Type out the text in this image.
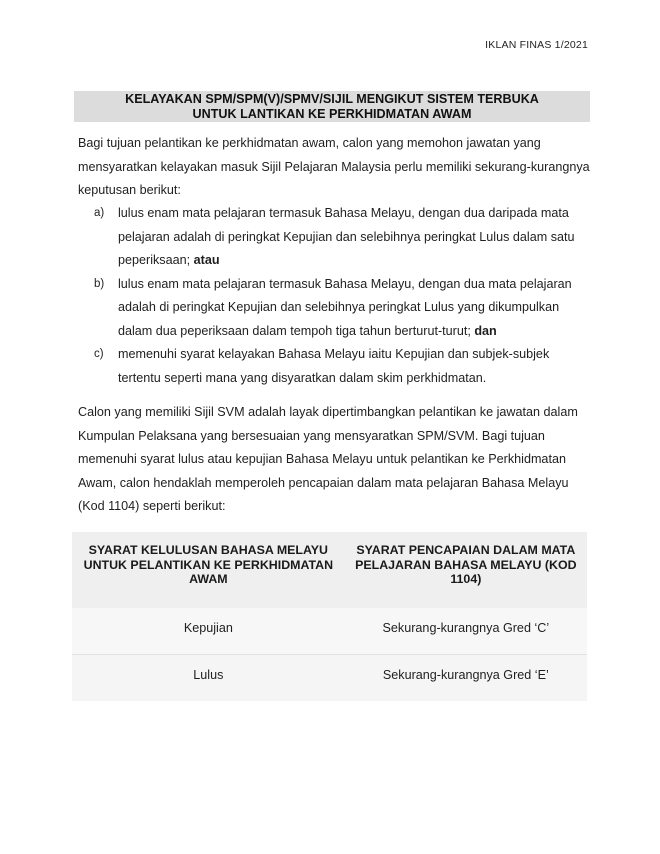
IKLAN FINAS 1/2021
KELAYAKAN SPM/SPM(V)/SPMV/SIJIL MENGIKUT SISTEM TERBUKA
UNTUK LANTIKAN KE PERKHIDMATAN AWAM
Bagi tujuan pelantikan ke perkhidmatan awam, calon yang memohon jawatan yang mensyaratkan kelayakan masuk Sijil Pelajaran Malaysia perlu memiliki sekurang-kurangnya keputusan berikut:
a) lulus enam mata pelajaran termasuk Bahasa Melayu, dengan dua daripada mata pelajaran adalah di peringkat Kepujian dan selebihnya peringkat Lulus dalam satu peperiksaan; atau
b) lulus enam mata pelajaran termasuk Bahasa Melayu, dengan dua mata pelajaran adalah di peringkat Kepujian dan selebihnya peringkat Lulus yang dikumpulkan dalam dua peperiksaan dalam tempoh tiga tahun berturut-turut; dan
c) memenuhi syarat kelayakan Bahasa Melayu iaitu Kepujian dan subjek-subjek tertentu seperti mana yang disyaratkan dalam skim perkhidmatan.
Calon yang memiliki Sijil SVM adalah layak dipertimbangkan pelantikan ke jawatan dalam Kumpulan Pelaksana yang bersesuaian yang mensyaratkan SPM/SVM. Bagi tujuan memenuhi syarat lulus atau kepujian Bahasa Melayu untuk pelantikan ke Perkhidmatan Awam, calon hendaklah memperoleh pencapaian dalam mata pelajaran Bahasa Melayu (Kod 1104) seperti berikut:
SYARAT KELULUSAN BAHASA MELAYU UNTUK PELANTIKAN KE PERKHIDMATAN AWAM	SYARAT PENCAPAIAN DALAM MATA PELAJARAN BAHASA MELAYU (KOD 1104)
Kepujian	Sekurang-kurangnya Gred ‘C’
Lulus	Sekurang-kurangnya Gred ‘E’
